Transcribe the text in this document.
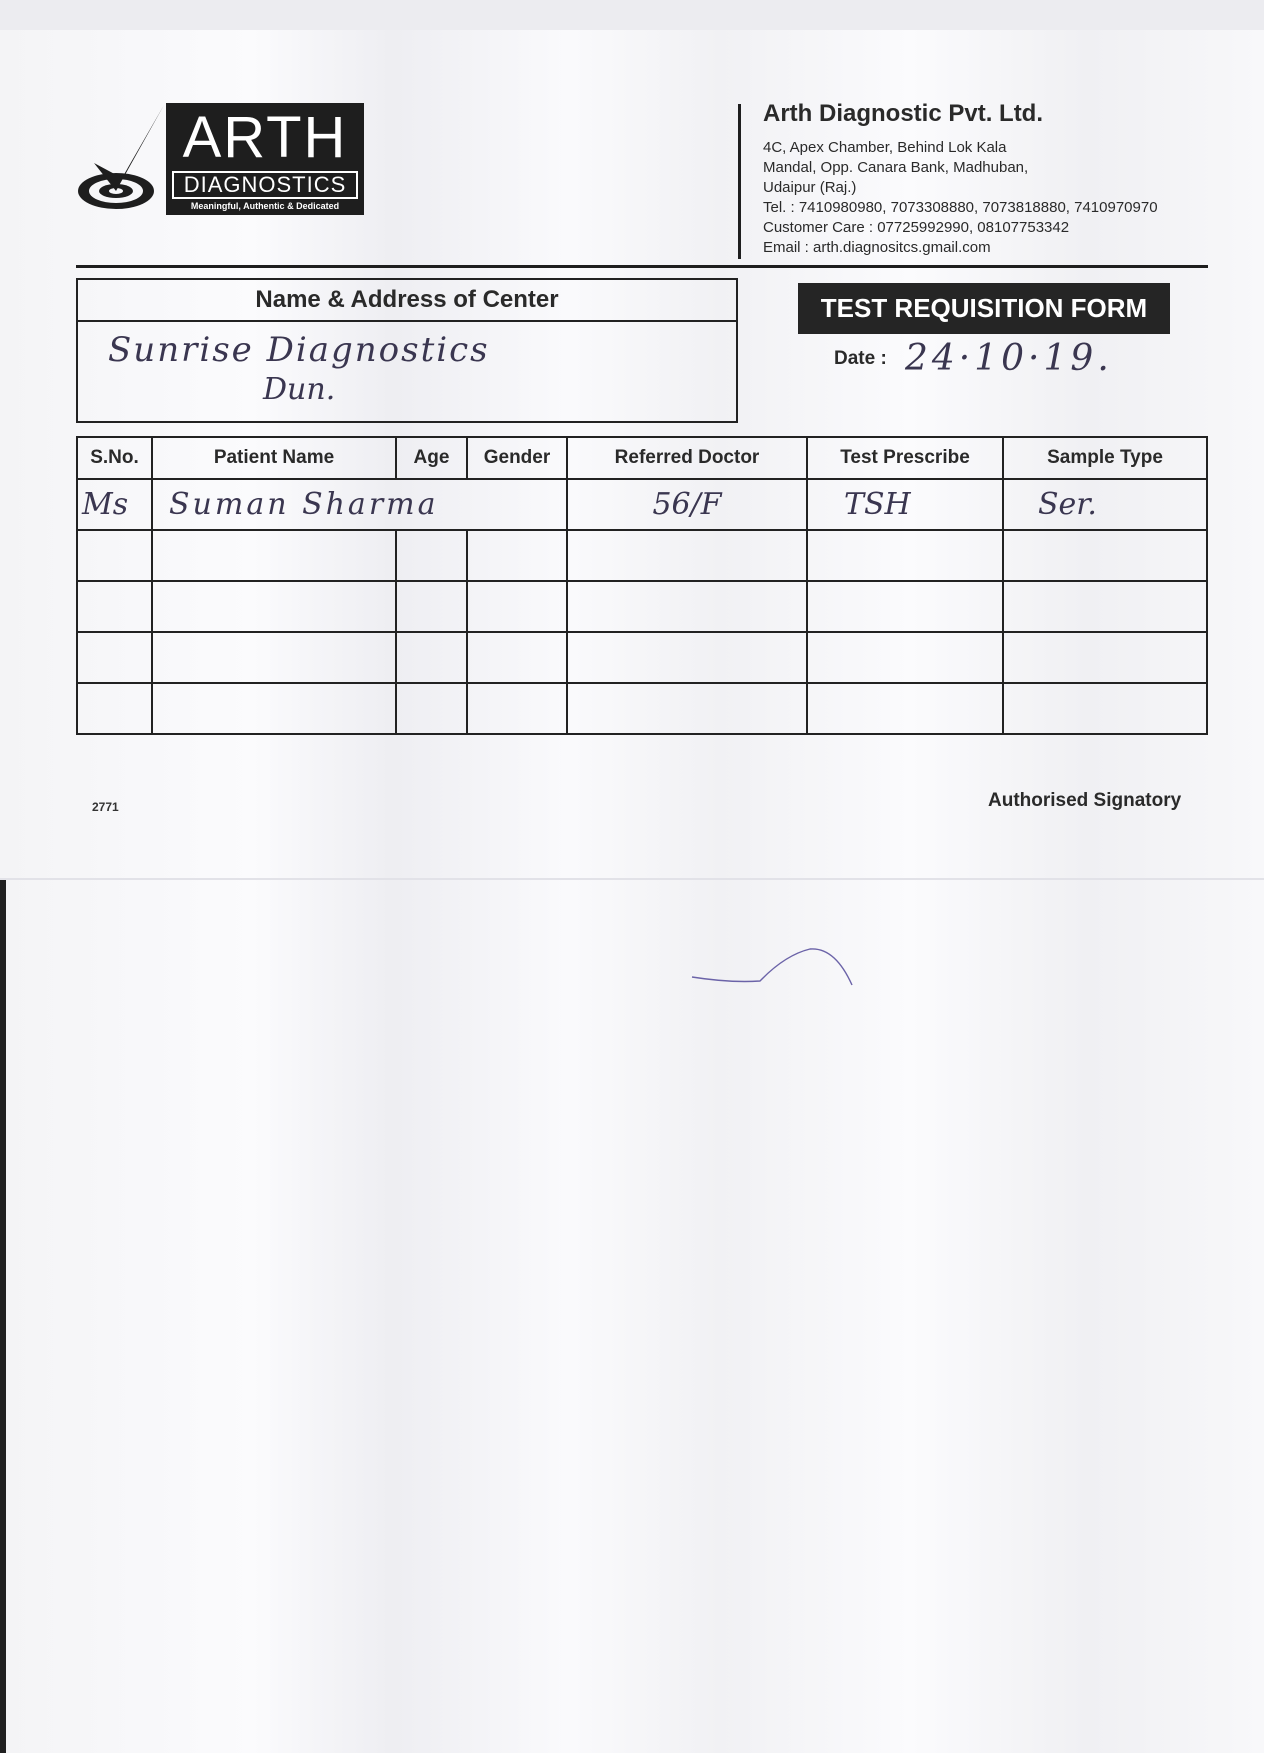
ARTH
DIAGNOSTICS
Meaningful, Authentic & Dedicated
Arth Diagnostic Pvt. Ltd.
4C, Apex Chamber, Behind Lok Kala
Mandal, Opp. Canara Bank, Madhuban,
Udaipur (Raj.)
Tel. : 7410980980, 7073308880, 7073818880, 7410970970
Customer Care : 07725992990, 08107753342
Email : arth.diagnositcs.gmail.com
Name & Address of Center
Sunrise Diagnostics
Dun.
TEST REQUISITION FORM
Date : 24·10·19.
S.No.	Patient Name	Age	Gender	Referred Doctor	Test Prescribe	Sample Type
Ms	Suman Sharma			56/F	TSH	Ser.

2771	Authorised Signatory
